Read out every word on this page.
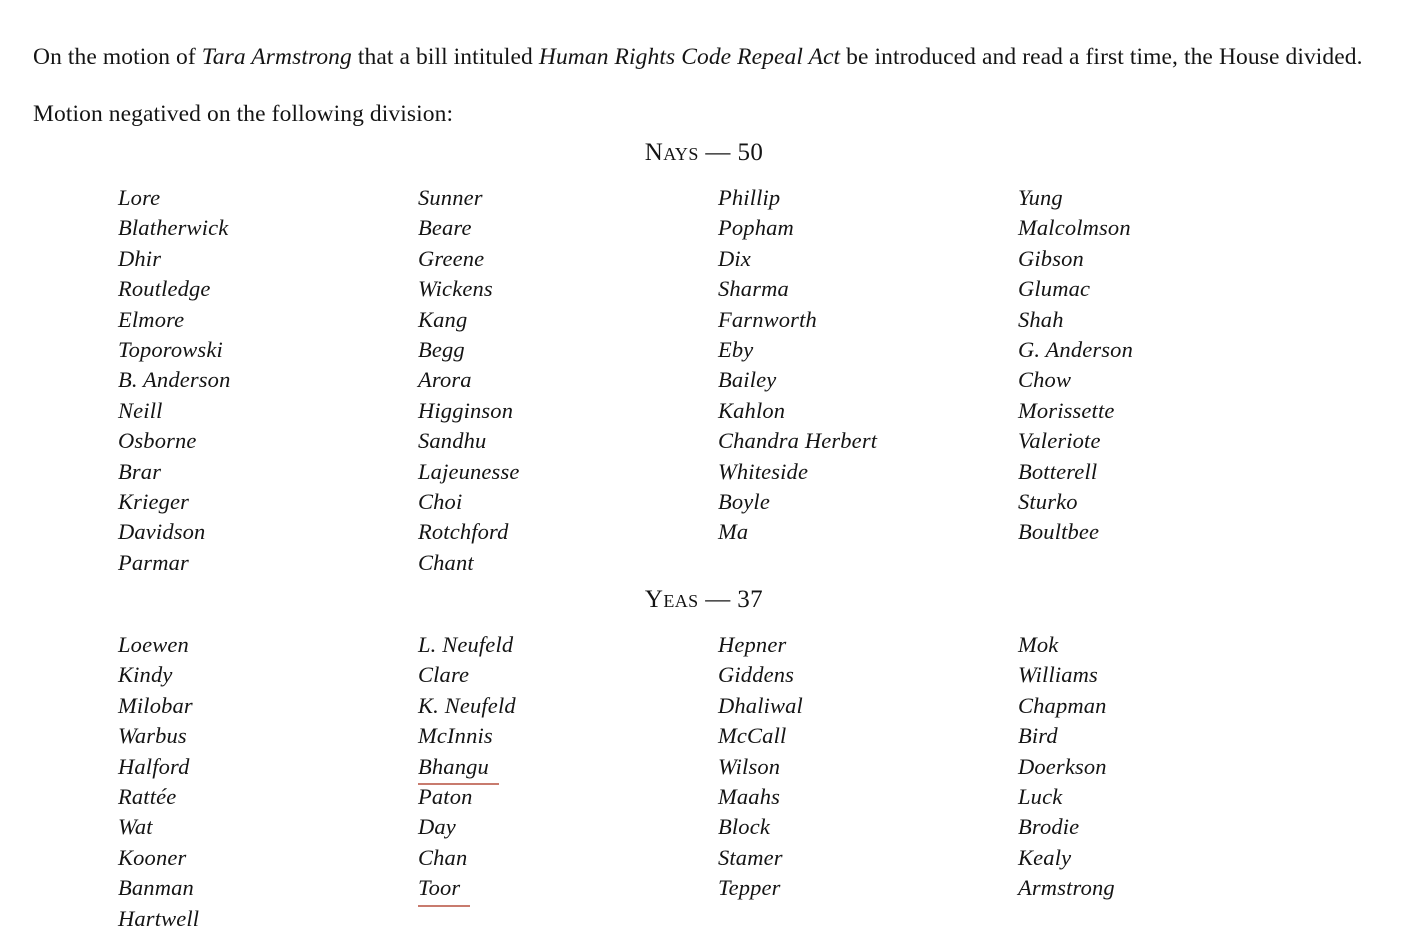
On the motion of Tara Armstrong that a bill intituled Human Rights Code Repeal Act be introduced and read a first time, the House divided.

Motion negatived on the following division:

Nays — 50
Lore
Blatherwick
Dhir
Routledge
Elmore
Toporowski
B. Anderson
Neill
Osborne
Brar
Krieger
Davidson
Parmar
Sunner
Beare
Greene
Wickens
Kang
Begg
Arora
Higginson
Sandhu
Lajeunesse
Choi
Rotchford
Chant
Phillip
Popham
Dix
Sharma
Farnworth
Eby
Bailey
Kahlon
Chandra Herbert
Whiteside
Boyle
Ma
Yung
Malcolmson
Gibson
Glumac
Shah
G. Anderson
Chow
Morissette
Valeriote
Botterell
Sturko
Boultbee
Yeas — 37
Loewen
Kindy
Milobar
Warbus
Halford
Rattée
Wat
Kooner
Banman
Hartwell
L. Neufeld
Clare
K. Neufeld
McInnis
Bhangu
Paton
Day
Chan
Toor
Hepner
Giddens
Dhaliwal
McCall
Wilson
Maahs
Block
Stamer
Tepper
Mok
Williams
Chapman
Bird
Doerkson
Luck
Brodie
Kealy
Armstrong
